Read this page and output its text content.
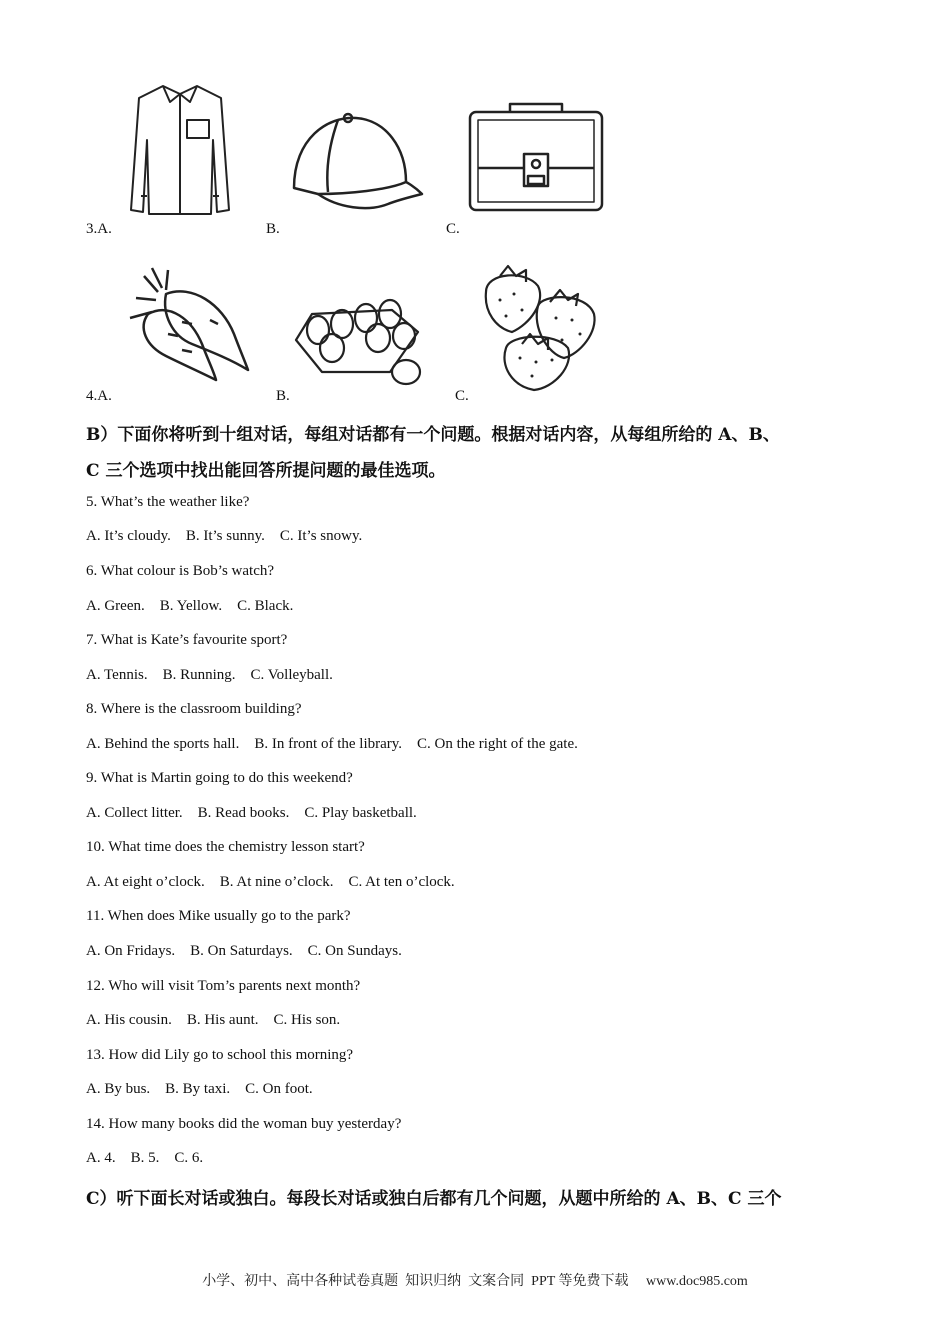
3.A.	B.	C.
4.A.	B.	C.
B）下面你将听到十组对话，每组对话都有一个问题。根据对话内容，从每组所给的 A、B、
C 三个选项中找出能回答所提问题的最佳选项。
5. What’s the weather like?
A. It’s cloudy.    B. It’s sunny.    C. It’s snowy.
6. What colour is Bob’s watch?
A. Green.    B. Yellow.    C. Black.
7. What is Kate’s favourite sport?
A. Tennis.    B. Running.    C. Volleyball.
8. Where is the classroom building?
A. Behind the sports hall.    B. In front of the library.    C. On the right of the gate.
9. What is Martin going to do this weekend?
A. Collect litter.    B. Read books.    C. Play basketball.
10. What time does the chemistry lesson start?
A. At eight o’clock.    B. At nine o’clock.    C. At ten o’clock.
11. When does Mike usually go to the park?
A. On Fridays.    B. On Saturdays.    C. On Sundays.
12. Who will visit Tom’s parents next month?
A. His cousin.    B. His aunt.    C. His son.
13. How did Lily go to school this morning?
A. By bus.    B. By taxi.    C. On foot.
14. How many books did the woman buy yesterday?
A. 4.    B. 5.    C. 6.
C）听下面长对话或独白。每段长对话或独白后都有几个问题，从题中所给的 A、B、C 三个
小学、初中、高中各种试卷真题  知识归纳  文案合同  PPT 等免费下载     www.doc985.com
